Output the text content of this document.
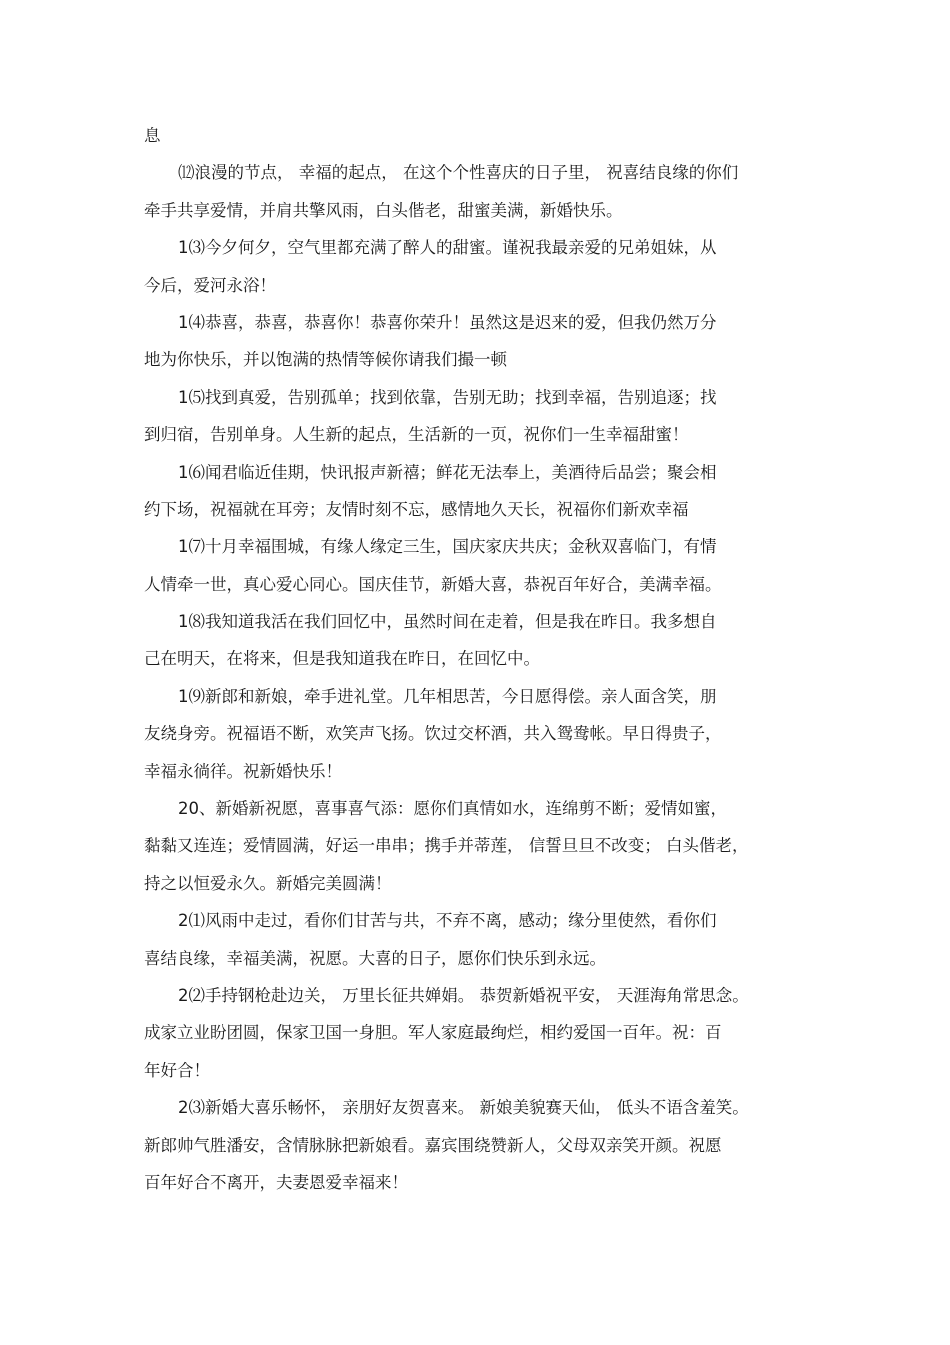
息
⑿浪漫的节点， 幸福的起点， 在这个个性喜庆的日子里， 祝喜结良缘的你们
牵手共享爱情，并肩共擎风雨，白头偕老，甜蜜美满，新婚快乐。
1⑶今夕何夕，空气里都充满了醉人的甜蜜。谨祝我最亲爱的兄弟姐妹，从
今后，爱河永浴！
1⑷恭喜，恭喜，恭喜你！恭喜你荣升！虽然这是迟来的爱，但我仍然万分
地为你快乐，并以饱满的热情等候你请我们撮一顿
1⑸找到真爱，告别孤单；找到依靠，告别无助；找到幸福，告别追逐；找
到归宿，告别单身。人生新的起点，生活新的一页，祝你们一生幸福甜蜜！
1⑹闻君临近佳期，快讯报声新禧；鲜花无法奉上，美酒待后品尝；聚会相
约下场，祝福就在耳旁；友情时刻不忘，感情地久天长，祝福你们新欢幸福
1⑺十月幸福围城，有缘人缘定三生，国庆家庆共庆；金秋双喜临门，有情
人情牵一世，真心爱心同心。国庆佳节，新婚大喜，恭祝百年好合，美满幸福。
1⑻我知道我活在我们回忆中，虽然时间在走着，但是我在昨日。我多想自
己在明天，在将来，但是我知道我在昨日，在回忆中。
1⑼新郎和新娘，牵手进礼堂。几年相思苦，今日愿得偿。亲人面含笑，朋
友绕身旁。祝福语不断，欢笑声飞扬。饮过交杯酒，共入鸳鸯帐。早日得贵子，
幸福永徜徉。祝新婚快乐！
20、新婚新祝愿，喜事喜气添：愿你们真情如水，连绵剪不断；爱情如蜜，
黏黏又连连；爱情圆满，好运一串串；携手并蒂莲， 信誓旦旦不改变； 白头偕老，
持之以恒爱永久。新婚完美圆满！
2⑴风雨中走过，看你们甘苦与共，不弃不离，感动；缘分里使然，看你们
喜结良缘，幸福美满，祝愿。大喜的日子，愿你们快乐到永远。
2⑵手持钢枪赴边关， 万里长征共婵娟。 恭贺新婚祝平安， 天涯海角常思念。
成家立业盼团圆，保家卫国一身胆。军人家庭最绚烂，相约爱国一百年。祝：百
年好合！
2⑶新婚大喜乐畅怀， 亲朋好友贺喜来。 新娘美貌赛天仙， 低头不语含羞笑。
新郎帅气胜潘安，含情脉脉把新娘看。嘉宾围绕赞新人，父母双亲笑开颜。祝愿
百年好合不离开，夫妻恩爱幸福来！
